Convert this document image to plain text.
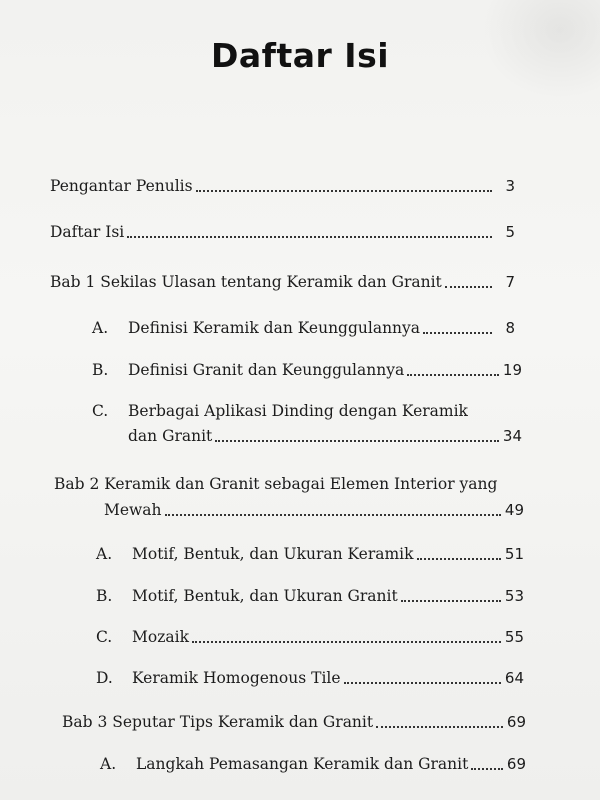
Daftar Isi
Pengantar Penulis	3
Daftar Isi	5
Bab 1 Sekilas Ulasan tentang Keramik dan Granit	7
A.	Definisi Keramik dan Keunggulannya	8
B.	Definisi Granit dan Keunggulannya	19
C. Berbagai Aplikasi Dinding dengan Keramik
dan Granit	34
Bab 2 Keramik dan Granit sebagai Elemen Interior yang
Mewah	49
A.	Motif, Bentuk, dan Ukuran Keramik	51
B.	Motif, Bentuk, dan Ukuran Granit	53
C.	Mozaik	55
D.	Keramik Homogenous Tile	64
Bab 3 Seputar Tips Keramik dan Granit	69
A.	Langkah Pemasangan Keramik dan Granit	69
